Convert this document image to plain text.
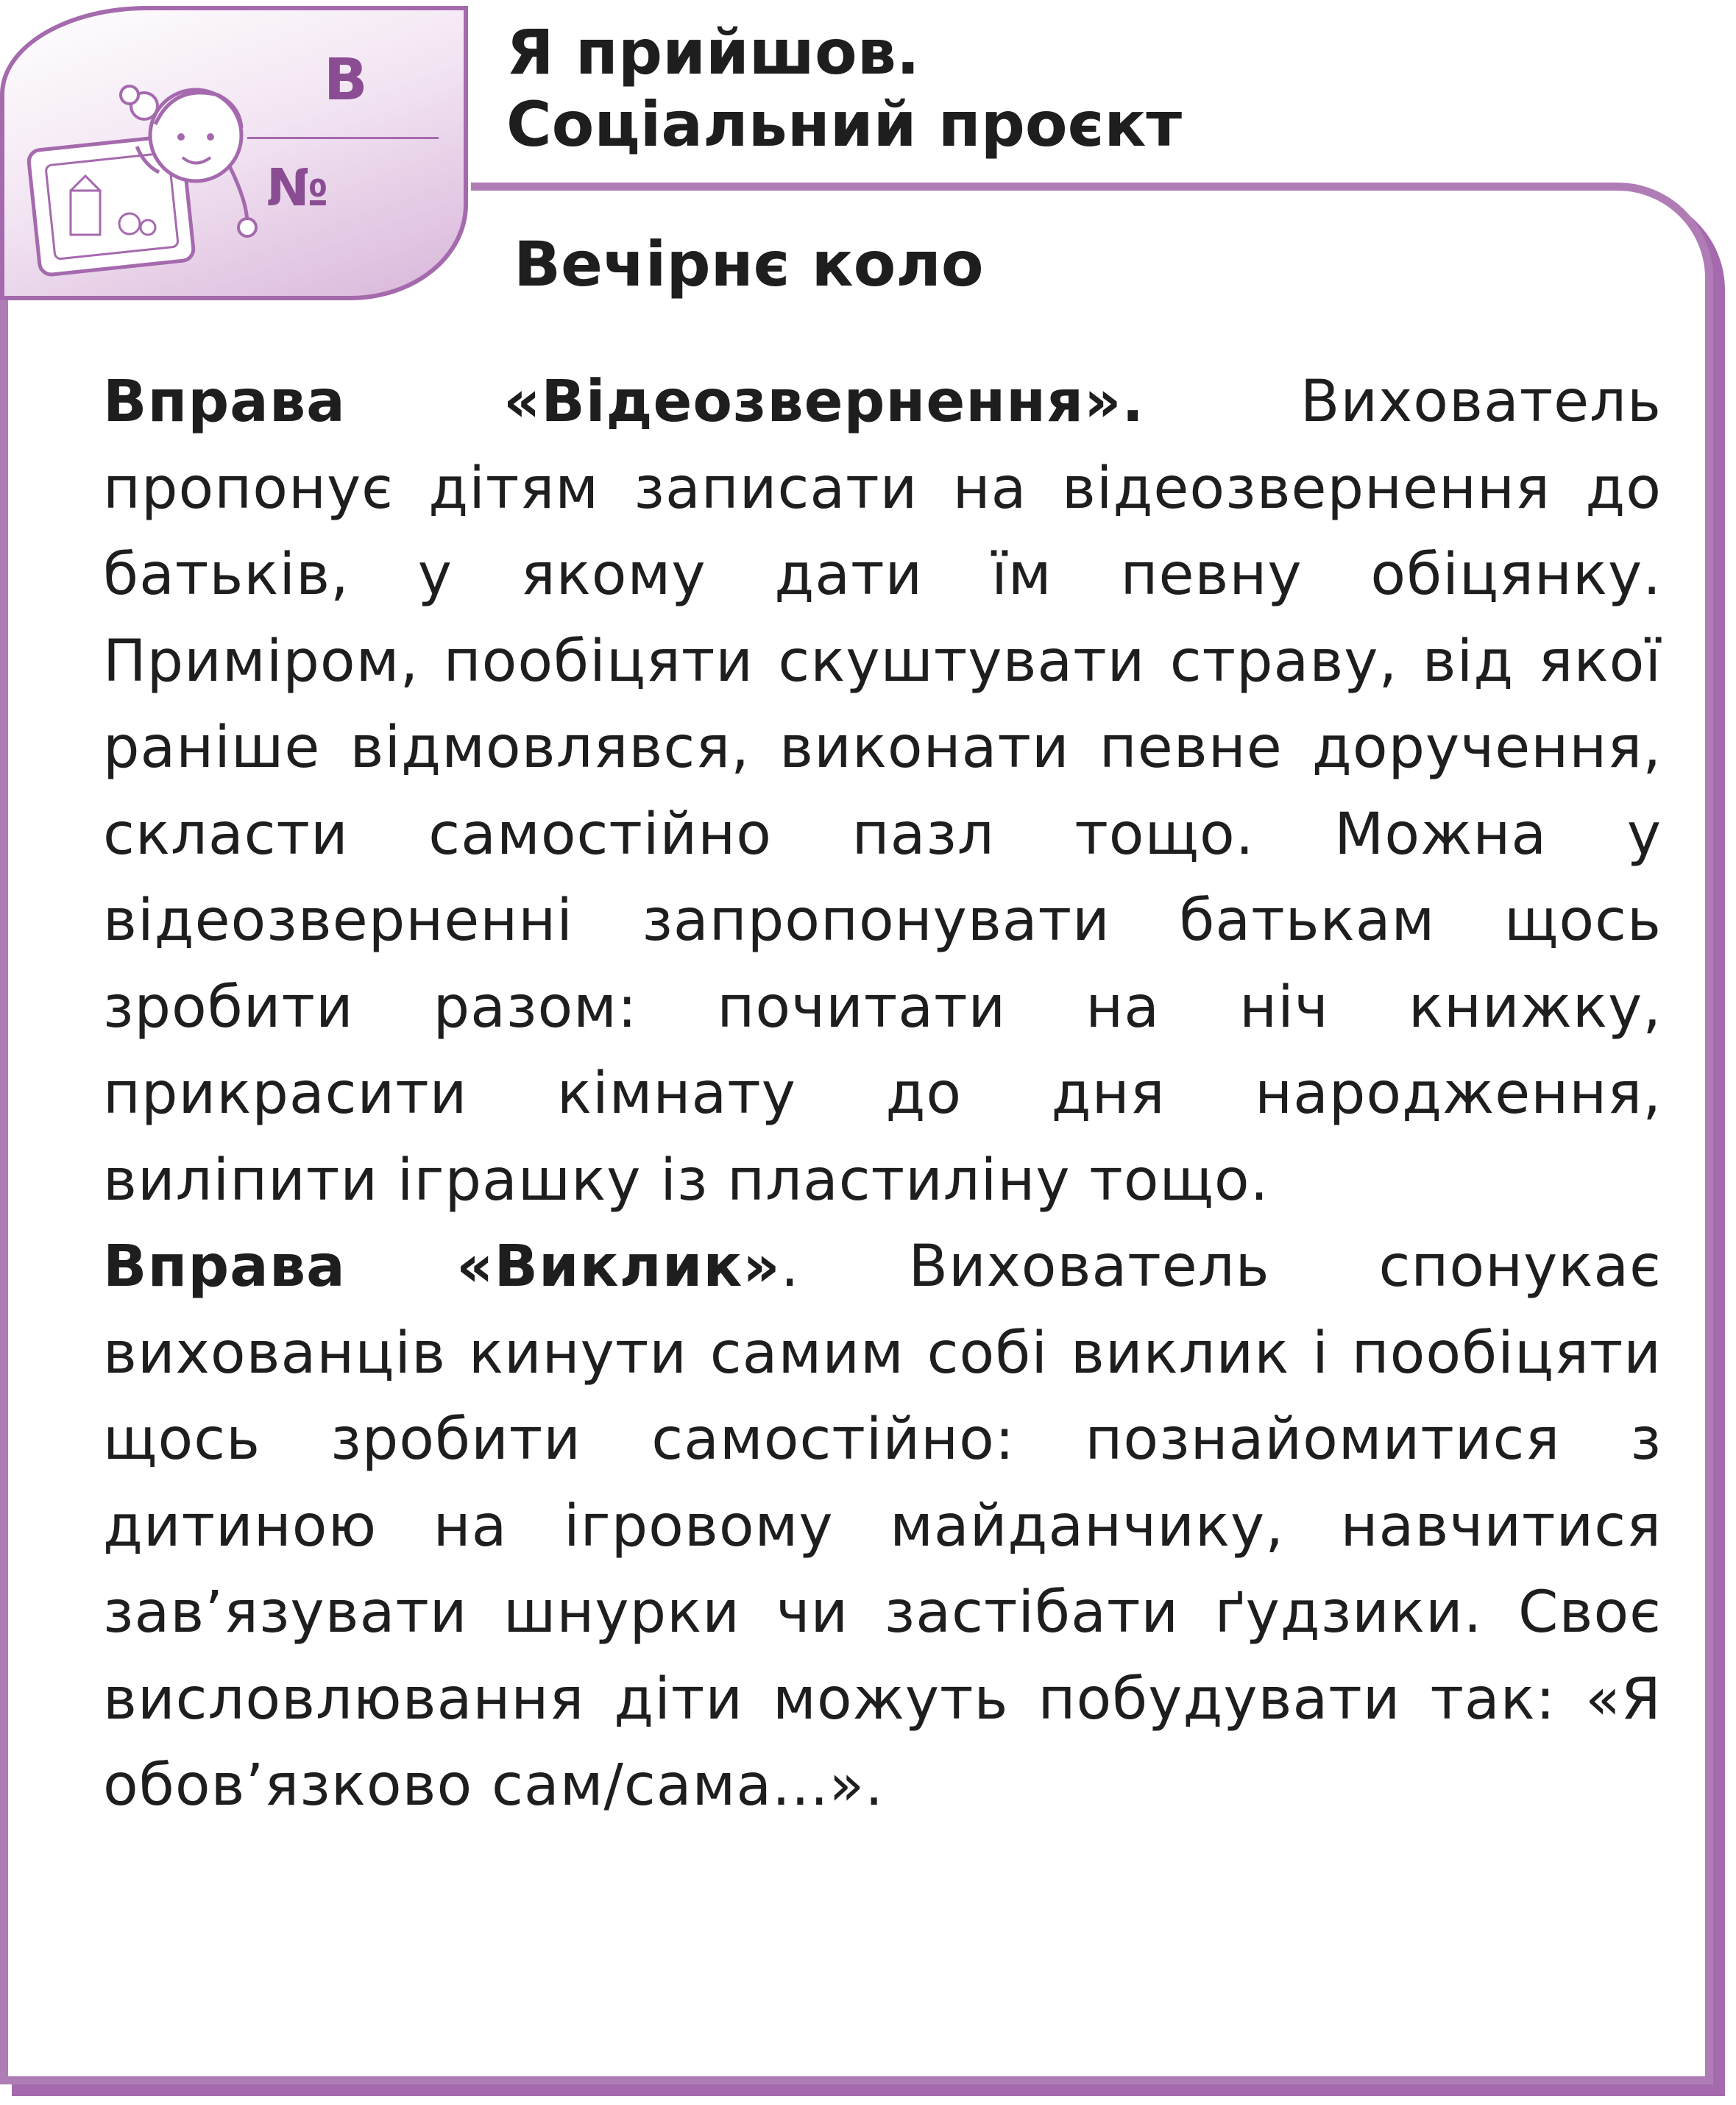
В
№
Я прийшов.
Соціальний проєкт
Вечірнє коло

Вправа «Відеозвернення». Вихователь пропонує дітям записати на відеозвернення до батьків, у якому дати їм певну обіцянку. Приміром, пообіцяти скуштувати страву, від якої раніше відмовлявся, виконати певне доручення, скласти самостійно пазл тощо. Можна у відеозверненні запропонувати батькам щось зробити разом: почитати на ніч книжку, прикрасити кімнату до дня народження, виліпити іграшку із пластиліну тощо.

Вправа «Виклик». Вихователь спонукає вихованців кинути самим собі виклик і пообіцяти щось зробити самостійно: познайомитися з дитиною на ігровому майданчику, навчитися зав’язувати шнурки чи застібати ґудзики. Своє висловлювання діти можуть побудувати так: «Я обов’язково сам/сама...».
